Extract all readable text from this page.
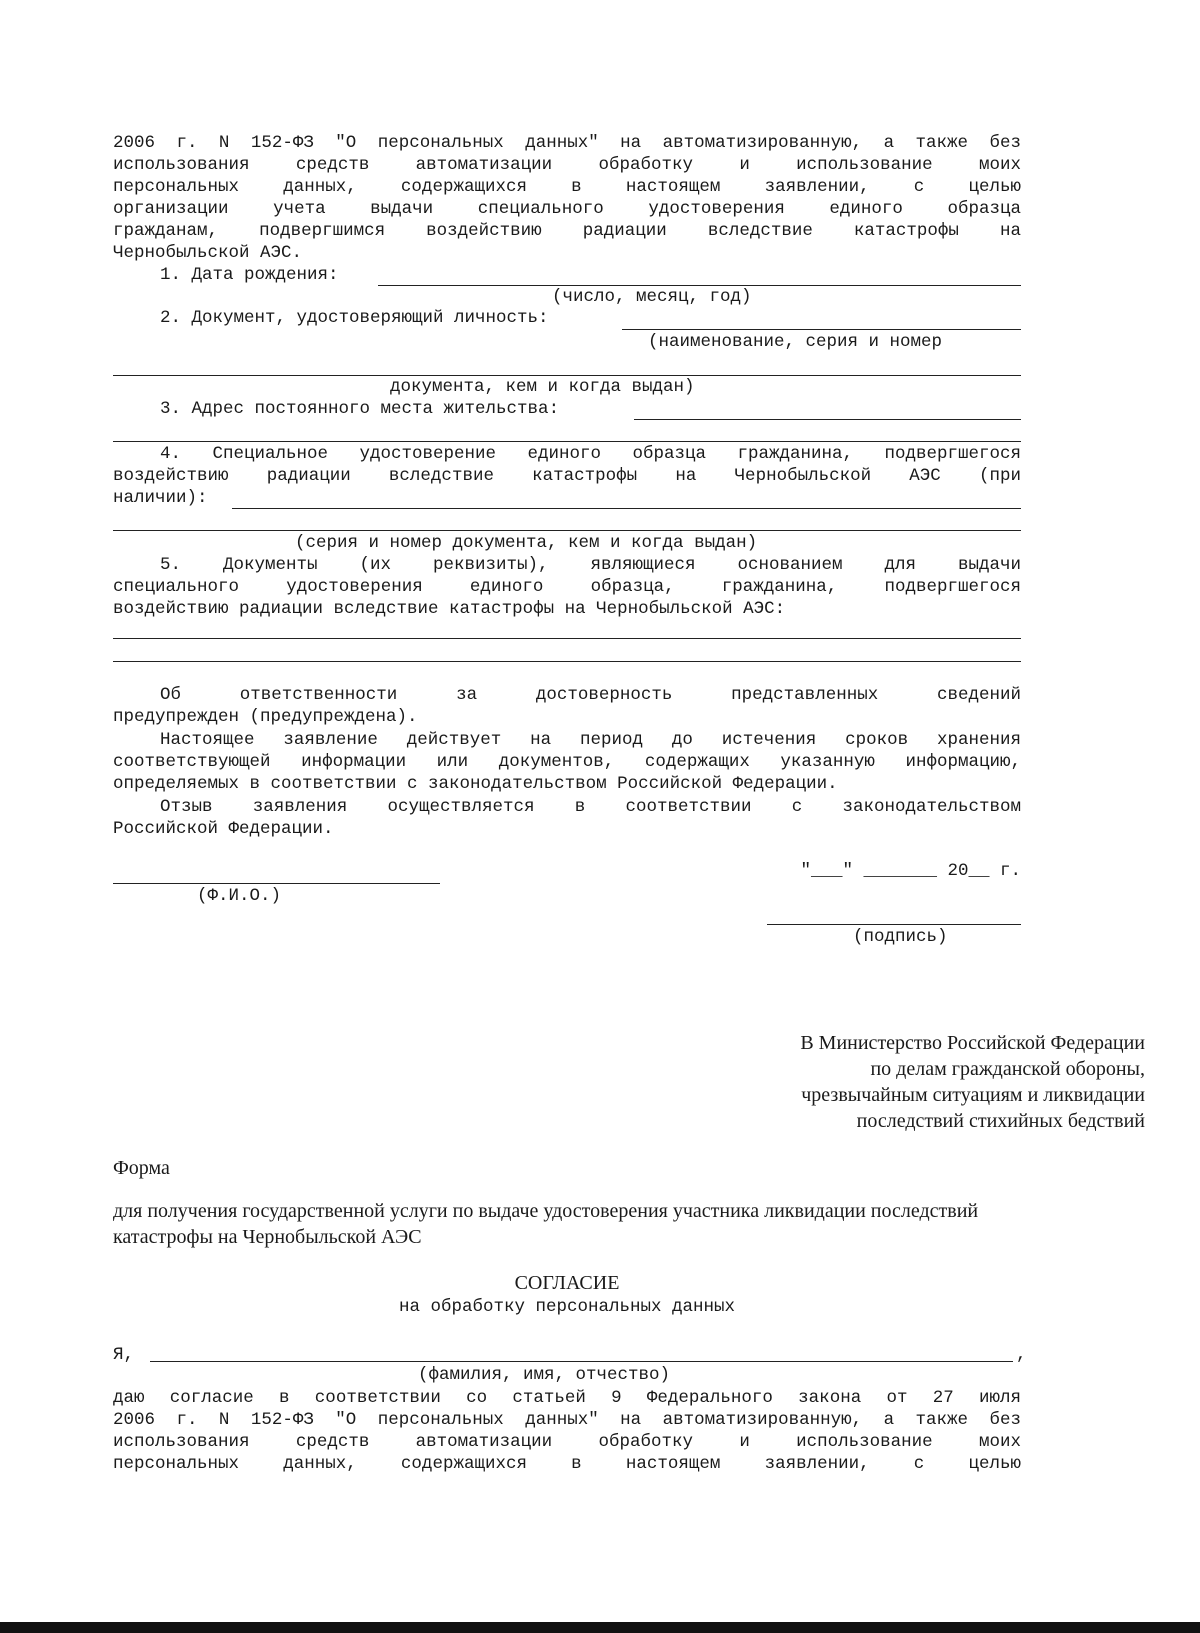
2006 г. N 152-ФЗ "О персональных данных" на автоматизированную, а также без
использования средств автоматизации обработку и использование моих
персональных данных, содержащихся в настоящем заявлении, с целью
организации учета выдачи специального удостоверения единого образца
гражданам, подвергшимся воздействию радиации вследствие катастрофы на
Чернобыльской АЭС.
1. Дата рождения:
(число, месяц, год)
2. Документ, удостоверяющий личность:
(наименование, серия и номер
документа, кем и когда выдан)
3. Адрес постоянного места жительства:
4. Специальное удостоверение единого образца гражданина, подвергшегося
воздействию радиации вследствие катастрофы на Чернобыльской АЭС (при
наличии):
(серия и номер документа, кем и когда выдан)
5. Документы (их реквизиты), являющиеся основанием для выдачи
специального удостоверения единого образца, гражданина, подвергшегося
воздействию радиации вследствие катастрофы на Чернобыльской АЭС:
Об ответственности за достоверность представленных сведений
предупрежден (предупреждена).
Настоящее заявление действует на период до истечения сроков хранения
соответствующей информации или документов, содержащих указанную информацию,
определяемых в соответствии с законодательством Российской Федерации.
Отзыв заявления осуществляется в соответствии с законодательством
Российской Федерации.
(Ф.И.О.)
"___" _______ 20__ г.
(подпись)
В Министерство Российской Федерации
по делам гражданской обороны,
чрезвычайным ситуациям и ликвидации
последствий стихийных бедствий
Форма
для получения государственной услуги по выдаче удостоверения участника ликвидации последствий
катастрофы на Чернобыльской АЭС
СОГЛАСИЕ
на обработку персональных данных
Я,	,
(фамилия, имя, отчество)
даю согласие в соответствии со статьей 9 Федерального закона от 27 июля
2006 г. N 152-ФЗ "О персональных данных" на автоматизированную, а также без
использования средств автоматизации обработку и использование моих
персональных данных, содержащихся в настоящем заявлении, с целью
